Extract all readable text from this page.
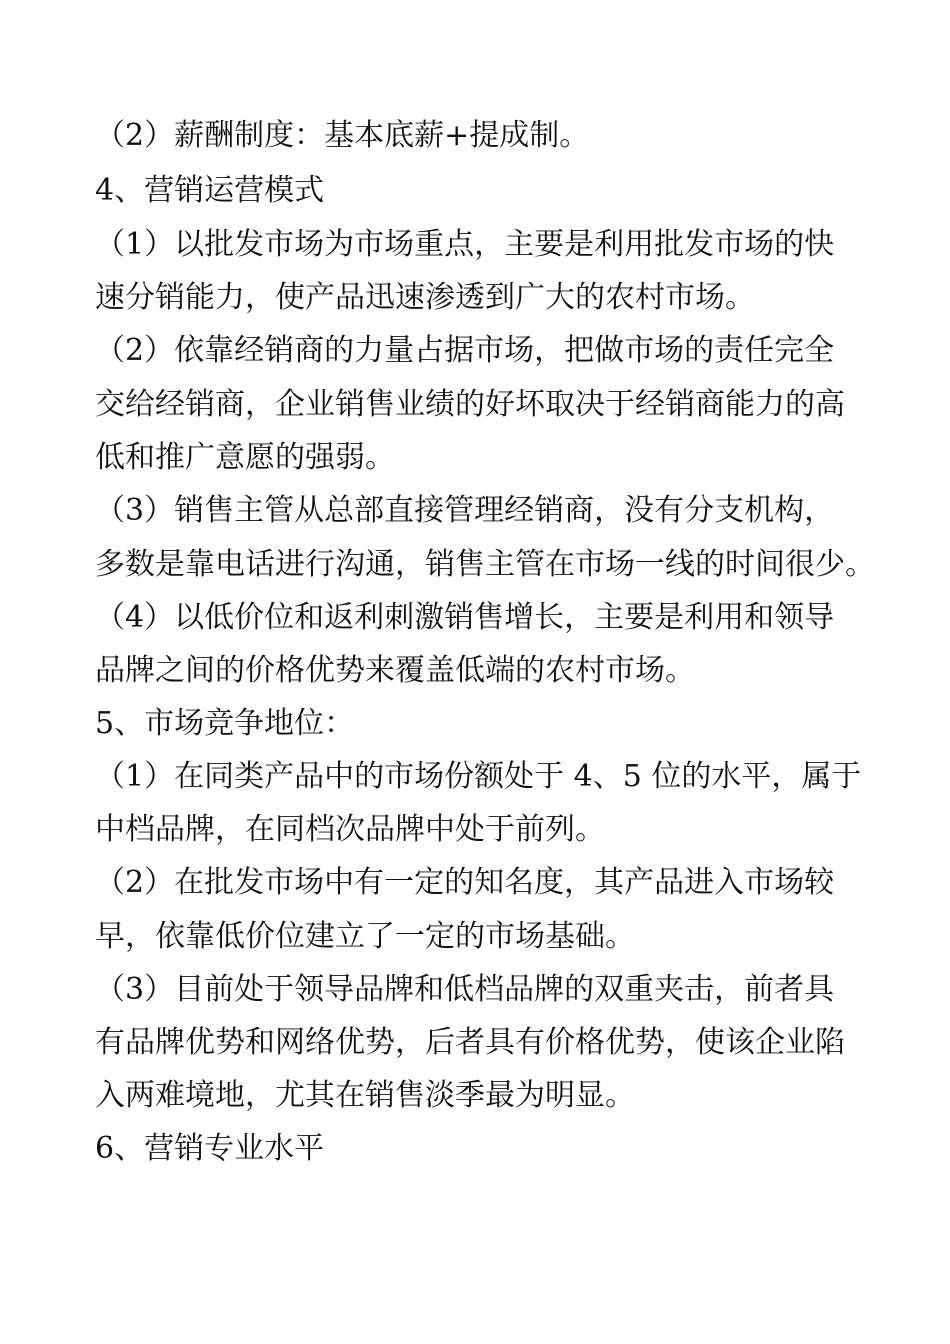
（2）薪酬制度：基本底薪+提成制。
4、营销运营模式
（1）以批发市场为市场重点，主要是利用批发市场的快
速分销能力，使产品迅速渗透到广大的农村市场。
（2）依靠经销商的力量占据市场，把做市场的责任完全
交给经销商，企业销售业绩的好坏取决于经销商能力的高
低和推广意愿的强弱。
（3）销售主管从总部直接管理经销商，没有分支机构，
多数是靠电话进行沟通，销售主管在市场一线的时间很少。
（4）以低价位和返利刺激销售增长，主要是利用和领导
品牌之间的价格优势来覆盖低端的农村市场。
5、市场竞争地位：
（1）在同类产品中的市场份额处于 4、5 位的水平，属于
中档品牌，在同档次品牌中处于前列。
（2）在批发市场中有一定的知名度，其产品进入市场较
早，依靠低价位建立了一定的市场基础。
（3）目前处于领导品牌和低档品牌的双重夹击，前者具
有品牌优势和网络优势，后者具有价格优势，使该企业陷
入两难境地，尤其在销售淡季最为明显。
6、营销专业水平
